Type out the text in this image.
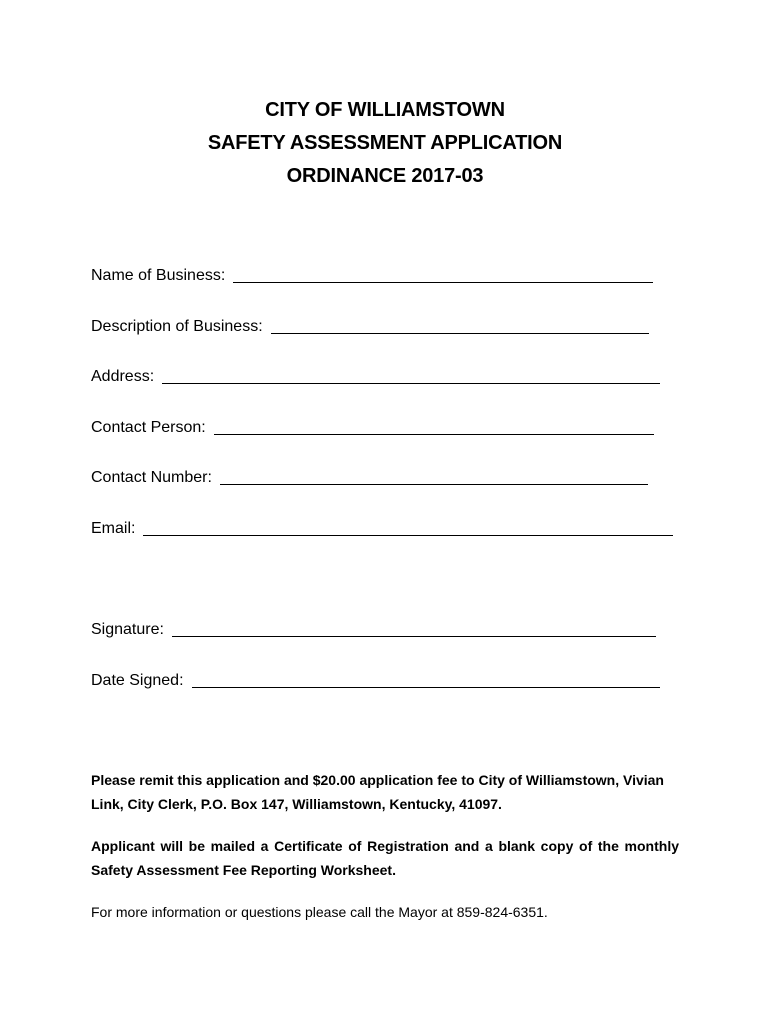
CITY OF WILLIAMSTOWN
SAFETY ASSESSMENT APPLICATION
ORDINANCE 2017-03
Name of Business:
Description of Business:
Address:
Contact Person:
Contact Number:
Email:
Signature:
Date Signed:
Please remit this application and $20.00 application fee to City of Williamstown, Vivian Link, City Clerk, P.O. Box 147, Williamstown, Kentucky, 41097.
Applicant will be mailed a Certificate of Registration and a blank copy of the monthly Safety Assessment Fee Reporting Worksheet.
For more information or questions please call the Mayor at 859-824-6351.
